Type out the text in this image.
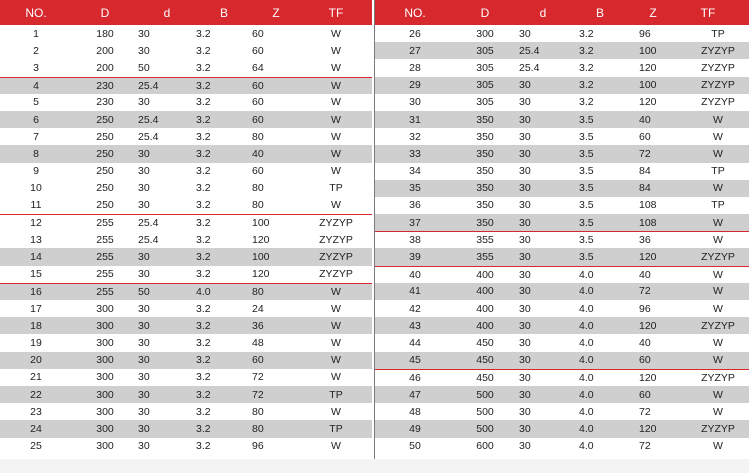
NO.	D	d	B	Z	TF
1	180	30	3.2	60	W
2	200	30	3.2	60	W
3	200	50	3.2	64	W
4	230	25.4	3.2	60	W
5	230	30	3.2	60	W
6	250	25.4	3.2	60	W
7	250	25.4	3.2	80	W
8	250	30	3.2	40	W
9	250	30	3.2	60	W
10	250	30	3.2	80	TP
11	250	30	3.2	80	W
12	255	25.4	3.2	100	ZYZYP
13	255	25.4	3.2	120	ZYZYP
14	255	30	3.2	100	ZYZYP
15	255	30	3.2	120	ZYZYP
16	255	50	4.0	80	W
17	300	30	3.2	24	W
18	300	30	3.2	36	W
19	300	30	3.2	48	W
20	300	30	3.2	60	W
21	300	30	3.2	72	W
22	300	30	3.2	72	TP
23	300	30	3.2	80	W
24	300	30	3.2	80	TP
25	300	30	3.2	96	W
NO.	D	d	B	Z	TF
26	300	30	3.2	96	TP
27	305	25.4	3.2	100	ZYZYP
28	305	25.4	3.2	120	ZYZYP
29	305	30	3.2	100	ZYZYP
30	305	30	3.2	120	ZYZYP
31	350	30	3.5	40	W
32	350	30	3.5	60	W
33	350	30	3.5	72	W
34	350	30	3.5	84	TP
35	350	30	3.5	84	W
36	350	30	3.5	108	TP
37	350	30	3.5	108	W
38	355	30	3.5	36	W
39	355	30	3.5	120	ZYZYP
40	400	30	4.0	40	W
41	400	30	4.0	72	W
42	400	30	4.0	96	W
43	400	30	4.0	120	ZYZYP
44	450	30	4.0	40	W
45	450	30	4.0	60	W
46	450	30	4.0	120	ZYZYP
47	500	30	4.0	60	W
48	500	30	4.0	72	W
49	500	30	4.0	120	ZYZYP
50	600	30	4.0	72	W
